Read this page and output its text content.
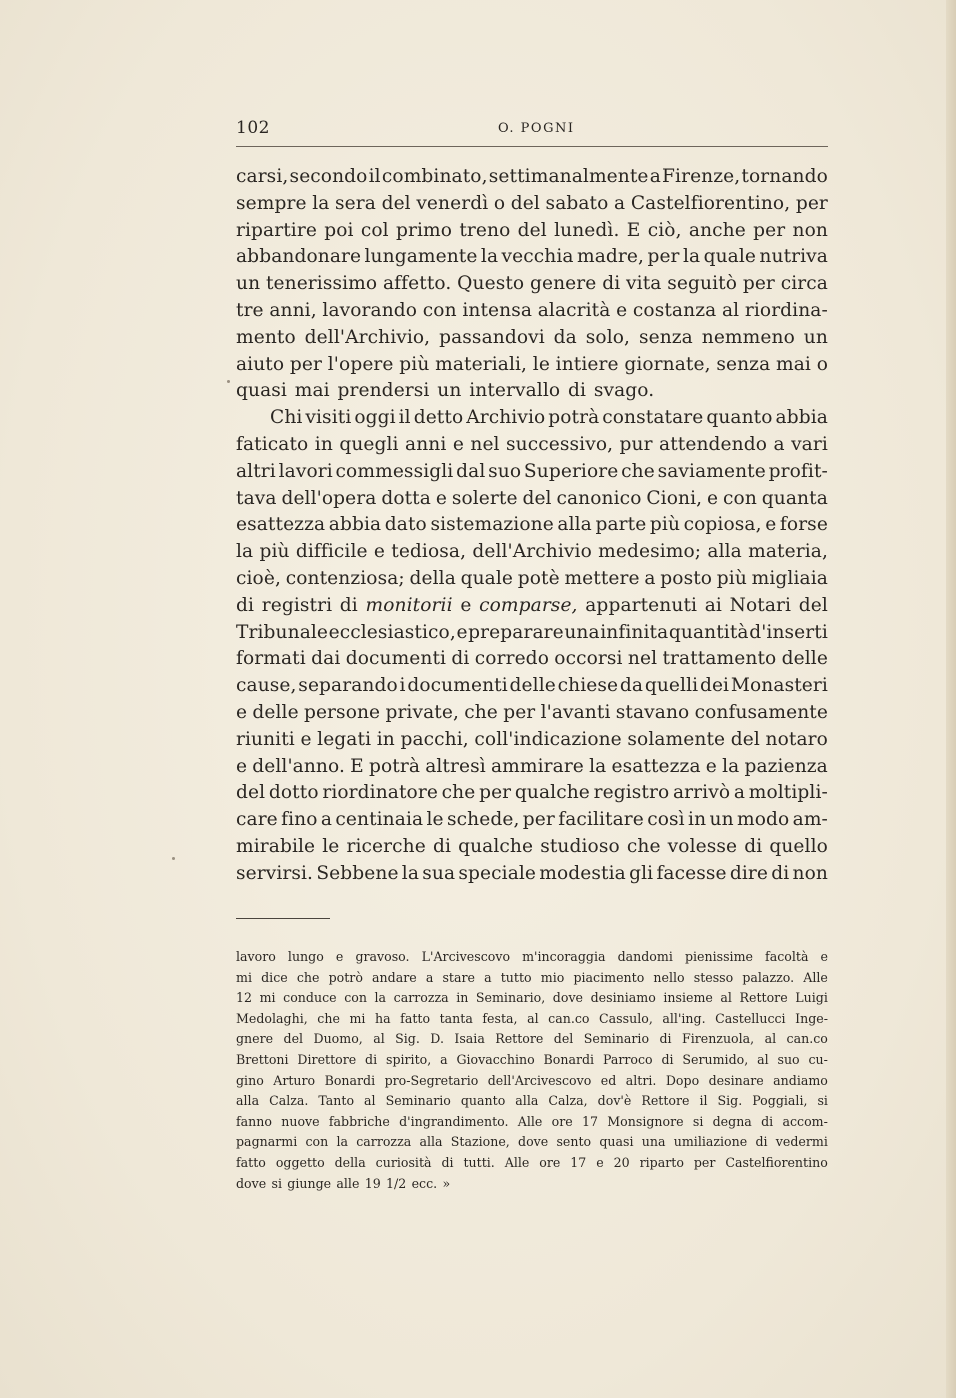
102	O. POGNI
carsi, secondo il combinato, settimanalmente a Firenze, tornando
sempre la sera del venerdì o del sabato a Castelfiorentino, per
ripartire poi col primo treno del lunedì. E ciò, anche per non
abbandonare lungamente la vecchia madre, per la quale nutriva
un tenerissimo affetto. Questo genere di vita seguitò per circa
tre anni, lavorando con intensa alacrità e costanza al riordina-
mento dell'Archivio, passandovi da solo, senza nemmeno un
aiuto per l'opere più materiali, le intiere giornate, senza mai o
quasi mai prendersi un intervallo di svago.
Chi visiti oggi il detto Archivio potrà constatare quanto abbia
faticato in quegli anni e nel successivo, pur attendendo a vari
altri lavori commessigli dal suo Superiore che saviamente profit-
tava dell'opera dotta e solerte del canonico Cioni, e con quanta
esattezza abbia dato sistemazione alla parte più copiosa, e forse
la più difficile e tediosa, dell'Archivio medesimo; alla materia,
cioè, contenziosa; della quale potè mettere a posto più migliaia
di registri di monitorii e comparse, appartenuti ai Notari del
Tribunale ecclesiastico, e preparare una infinita quantità d'inserti
formati dai documenti di corredo occorsi nel trattamento delle
cause, separando i documenti delle chiese da quelli dei Monasteri
e delle persone private, che per l'avanti stavano confusamente
riuniti e legati in pacchi, coll'indicazione solamente del notaro
e dell'anno. E potrà altresì ammirare la esattezza e la pazienza
del dotto riordinatore che per qualche registro arrivò a moltipli-
care fino a centinaia le schede, per facilitare così in un modo am-
mirabile le ricerche di qualche studioso che volesse di quello
servirsi. Sebbene la sua speciale modestia gli facesse dire di non
lavoro lungo e gravoso. L'Arcivescovo m'incoraggia dandomi pienissime facoltà e
mi dice che potrò andare a stare a tutto mio piacimento nello stesso palazzo. Alle
12 mi conduce con la carrozza in Seminario, dove desiniamo insieme al Rettore Luigi
Medolaghi, che mi ha fatto tanta festa, al can.co Cassulo, all'ing. Castellucci Inge-
gnere del Duomo, al Sig. D. Isaia Rettore del Seminario di Firenzuola, al can.co
Brettoni Direttore di spirito, a Giovacchino Bonardi Parroco di Serumido, al suo cu-
gino Arturo Bonardi pro-Segretario dell'Arcivescovo ed altri. Dopo desinare andiamo
alla Calza. Tanto al Seminario quanto alla Calza, dov'è Rettore il Sig. Poggiali, si
fanno nuove fabbriche d'ingrandimento. Alle ore 17 Monsignore si degna di accom-
pagnarmi con la carrozza alla Stazione, dove sento quasi una umiliazione di vedermi
fatto oggetto della curiosità di tutti. Alle ore 17 e 20 riparto per Castelfiorentino
dove si giunge alle 19 1/2 ecc. »
